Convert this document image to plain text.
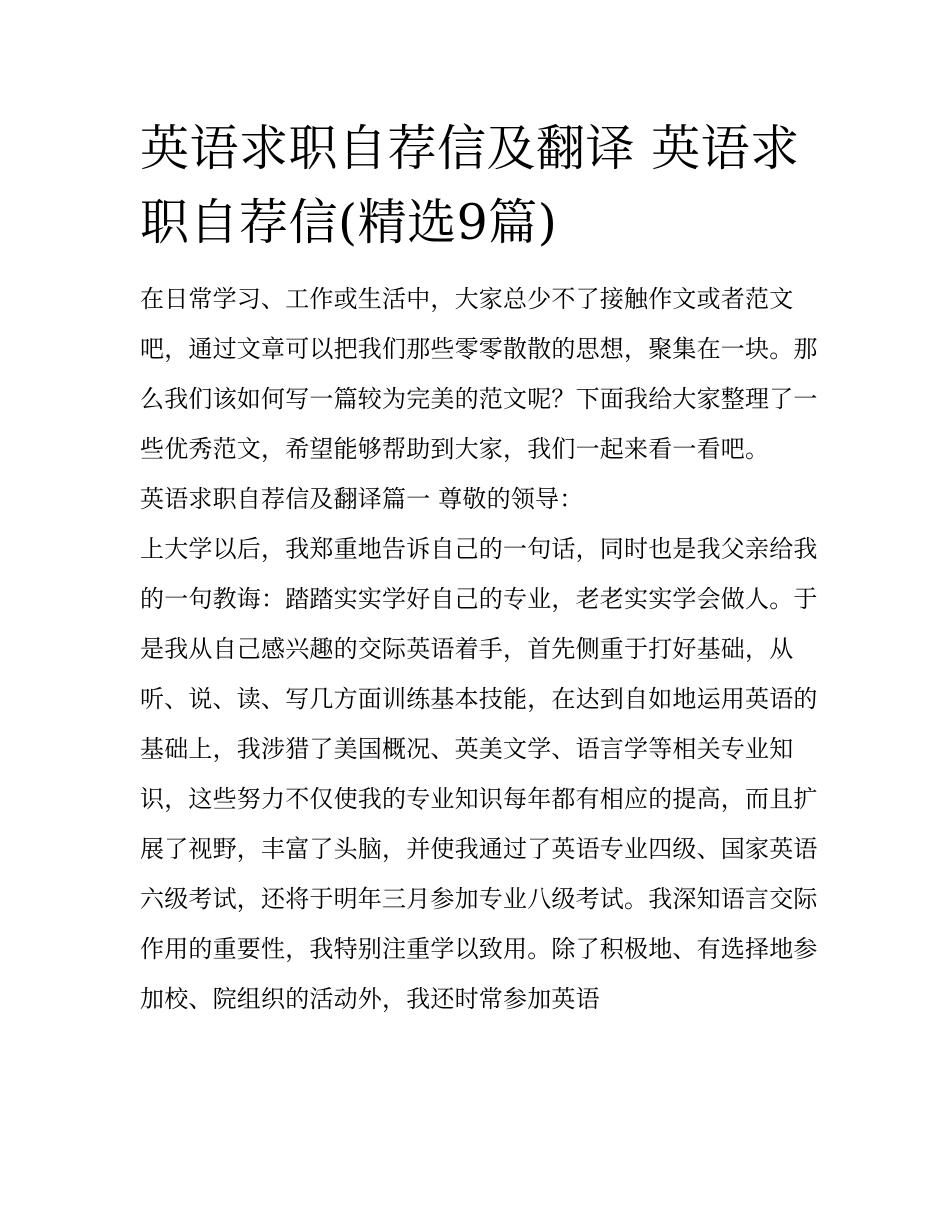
英语求职自荐信及翻译 英语求职自荐信(精选9篇)

在日常学习、工作或生活中，大家总少不了接触作文或者范文吧，通过文章可以把我们那些零零散散的思想，聚集在一块。那么我们该如何写一篇较为完美的范文呢？下面我给大家整理了一些优秀范文，希望能够帮助到大家，我们一起来看一看吧。

英语求职自荐信及翻译篇一 尊敬的领导：

上大学以后，我郑重地告诉自己的一句话，同时也是我父亲给我的一句教诲：踏踏实实学好自己的专业，老老实实学会做人。于是我从自己感兴趣的交际英语着手，首先侧重于打好基础，从听、说、读、写几方面训练基本技能，在达到自如地运用英语的基础上，我涉猎了美国概况、英美文学、语言学等相关专业知识，这些努力不仅使我的专业知识每年都有相应的提高，而且扩展了视野，丰富了头脑，并使我通过了英语专业四级、国家英语六级考试，还将于明年三月参加专业八级考试。我深知语言交际作用的重要性，我特别注重学以致用。除了积极地、有选择地参加校、院组织的活动外，我还时常参加英语
